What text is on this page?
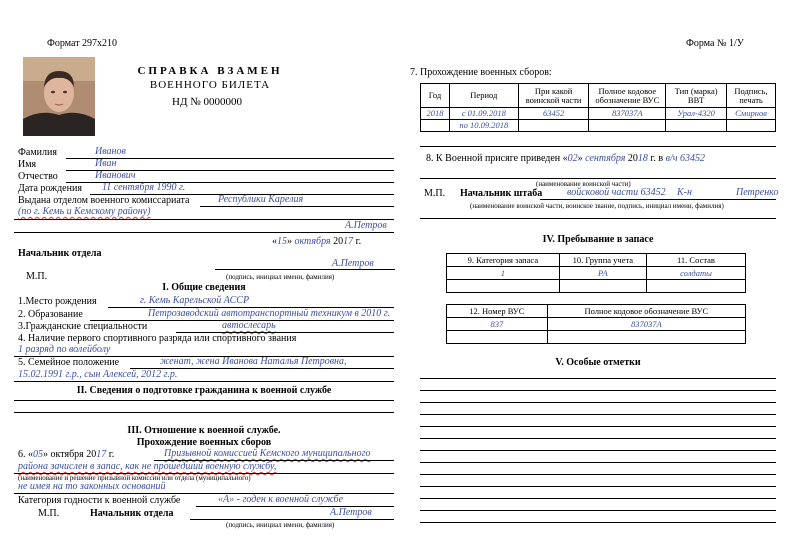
Формат 297х210	Форма № 1/У
СПРАВКА ВЗАМЕН
ВОЕННОГО БИЛЕТА
НД № 0000000
Фамилия	Иванов
Имя	Иван
Отчество	Иванович
Дата рождения 11 сентября 1990 г.
Выдана отделом военного комиссариата	Республики Карелия
(по г. Кемь и Кемскому району)
А.Петров
«15» октября 2017 г.
Начальник отдела
А.Петров
М.П.	(подпись, инициал имени, фамилия)
I. Общие сведения
1.Место рождения	г. Кемь Карельской АССР
2. Образование	Петрозаводский автотранспортный техникум в 2010 г.
3.Гражданские специальности	автослесарь
4. Наличие первого спортивного разряда или спортивного звания
1 разряд по волейболу
5. Семейное положение	женат, жена Иванова Наталья Петровна,
15.02.1991 г.р., сын Алексей, 2012 г.р.
II. Сведения о подготовке гражданина к военной службе
III. Отношение к военной службе.
Прохождение военных сборов
6. «05» октября 2017 г.	Призывной комиссией Кемского муниципального
района зачислен в запас, как не прошедший военную службу,
(наименование и решение призывной комиссии или отдела (муниципального)
не имея на то законных оснований
Категория годности к военной службе	«А» - годен к военной службе
М.П.	Начальник отдела	А.Петров
(подпись, инициал имени, фамилия)
7. Прохождение военных сборов:
Год	Период	При какой воинской части	Полное кодовое обозначение ВУС	Тип (марка) ВВТ	Подпись, печать
2018	с 01.09.2018	63452	837037А	Урал-4320	Смирнов
	по 10.09.2018				
8. К Военной присяге приведен «02» сентября 2018 г. в в/ч 63452
(наименование воинской части)
М.П. Начальник штаба войсковой части 63452 К-н	Петренко
(наименование воинской части, воинское звание, подпись, инициал имени, фамилия)
IV. Пребывание в запасе
9. Категория запаса	10. Группа учета	11. Состав
1	РА	солдаты

12. Номер ВУС	Полное кодовое обозначение ВУС
837	837037А

V. Особые отметки
